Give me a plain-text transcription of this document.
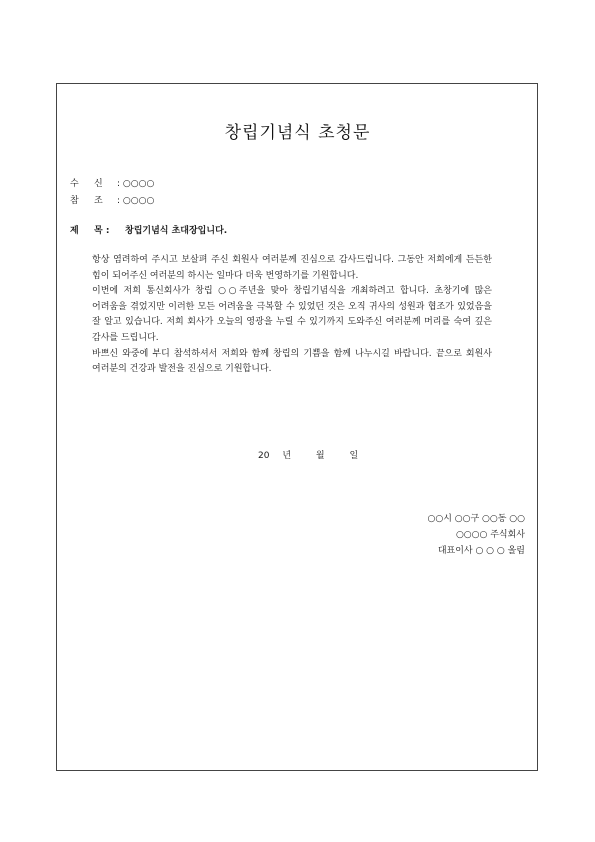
창립기념식 초청문
수 신 : ○○○○
참 조 : ○○○○
제 목 : 창립기념식 초대장입니다.

항상 염려하여 주시고 보살펴 주신 회원사 여러분께 진심으로 감사드립니다. 그동안 저희에게 든든한 힘이 되어주신 여러분의 하시는 일마다 더욱 번영하기를 기원합니다.

이번에 저희 통신회사가 창립 ○○주년을 맞아 창립기념식을 개최하려고 합니다. 초창기에 많은 어려움을 겪었지만 이러한 모든 어려움을 극복할 수 있었던 것은 오직 귀사의 성원과 협조가 있었음을 잘 알고 있습니다. 저희 회사가 오늘의 영광을 누릴 수 있기까지 도와주신 여러분께 머리를 숙여 깊은 감사를 드립니다.

바쁘신 와중에 부디 참석하셔서 저희와 함께 창립의 기쁨을 함께 나누시길 바랍니다. 끝으로 회원사 여러분의 건강과 발전을 진심으로 기원합니다.

20 년	월	일
○○시 ○○구 ○○동 ○○
○○○○ 주식회사
대표이사 ○ ○ ○ 올림
